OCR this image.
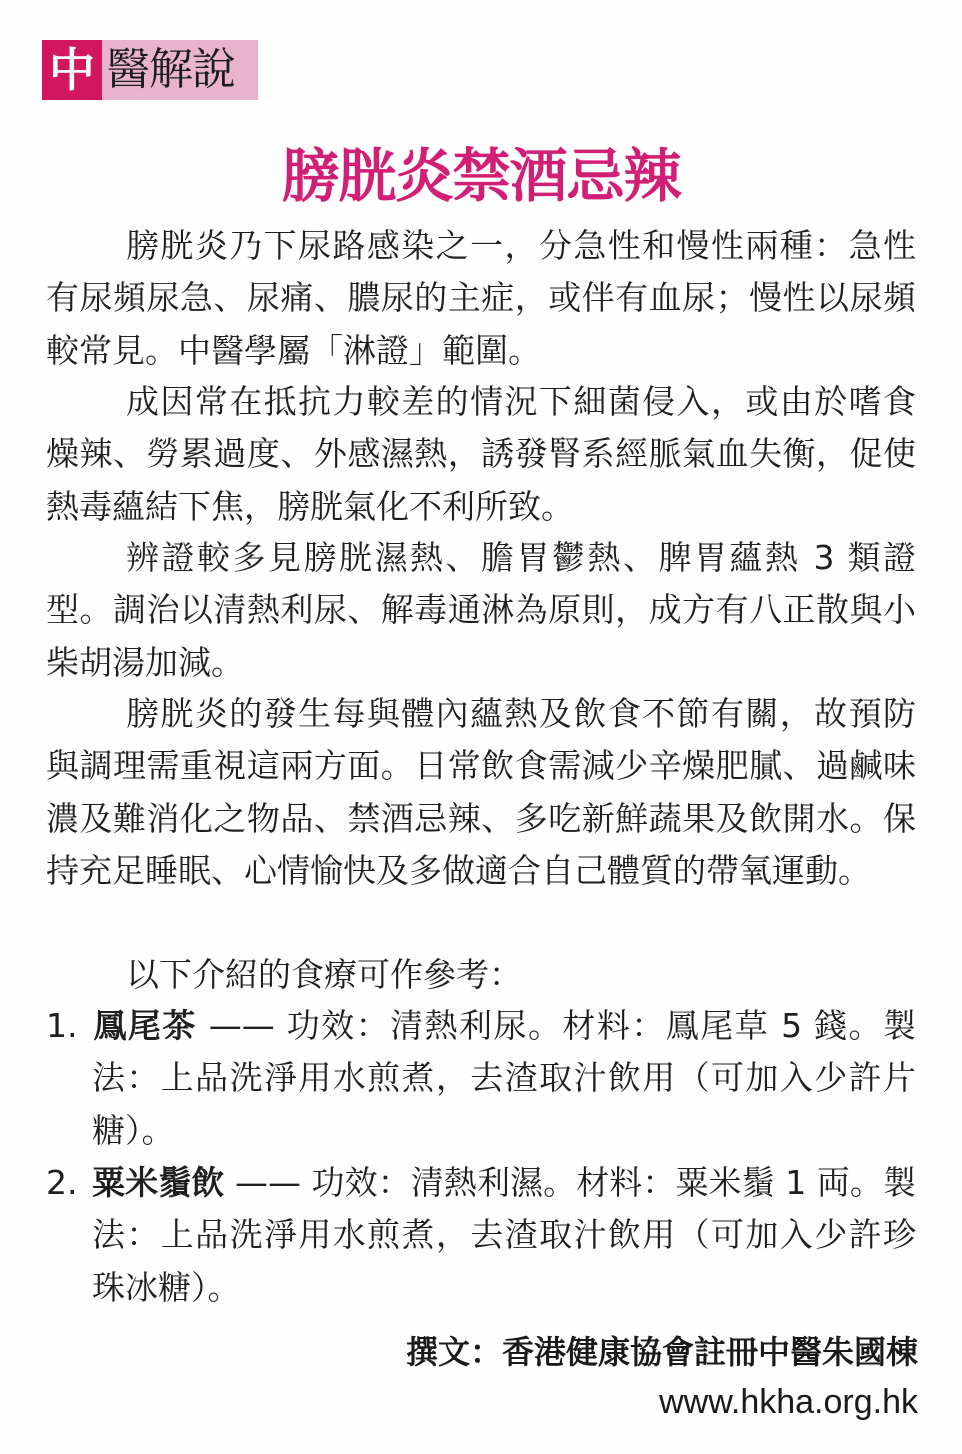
中 醫解說
膀胱炎禁酒忌辣

膀胱炎乃下尿路感染之一，分急性和慢性兩種：急性有尿頻尿急、尿痛、膿尿的主症，或伴有血尿；慢性以尿頻較常見。中醫學屬「淋證」範圍。

成因常在抵抗力較差的情況下細菌侵入，或由於嗜食燥辣、勞累過度、外感濕熱，誘發腎系經脈氣血失衡，促使熱毒蘊結下焦，膀胱氣化不利所致。

辨證較多見膀胱濕熱、膽胃鬱熱、脾胃蘊熱 3 類證型。調治以清熱利尿、解毒通淋為原則，成方有八正散與小柴胡湯加減。

膀胱炎的發生每與體內蘊熱及飲食不節有關，故預防與調理需重視這兩方面。日常飲食需減少辛燥肥膩、過鹹味濃及難消化之物品、禁酒忌辣、多吃新鮮蔬果及飲開水。保持充足睡眠、心情愉快及多做適合自己體質的帶氧運動。

以下介紹的食療可作參考：

1. 鳳尾茶 —— 功效：清熱利尿。材料：鳳尾草 5 錢。製法：上品洗淨用水煎煮，去渣取汁飲用（可加入少許片糖）。

2. 粟米鬚飲 —— 功效：清熱利濕。材料：粟米鬚 1 両。製法：上品洗淨用水煎煮，去渣取汁飲用（可加入少許珍珠冰糖）。

撰文：香港健康協會註冊中醫朱國棟
www.hkha.org.hk
